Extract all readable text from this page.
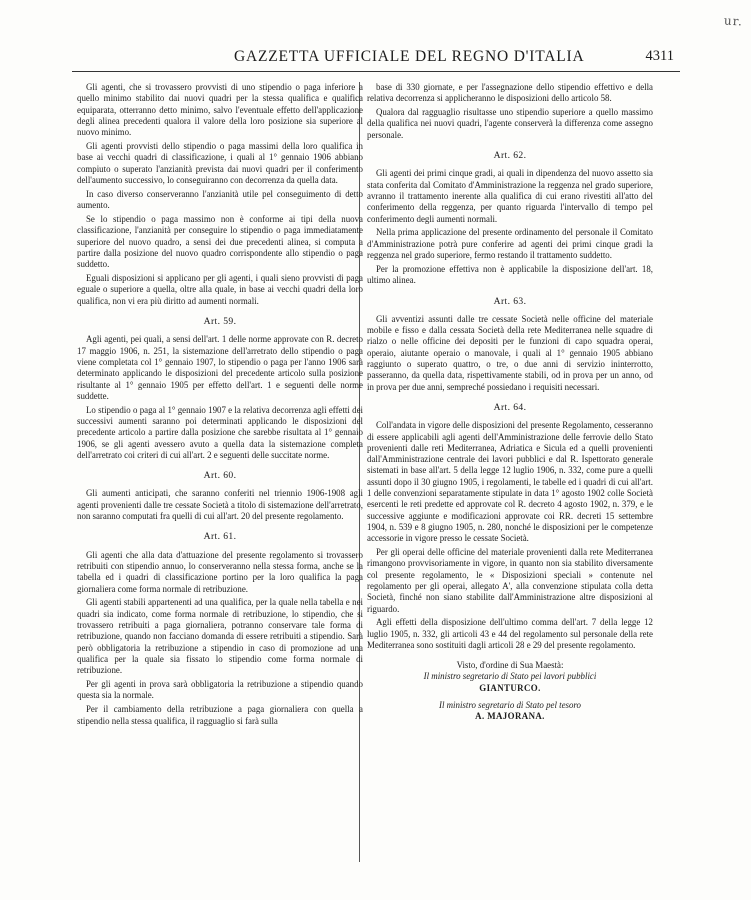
ur.
GAZZETTA UFFICIALE DEL REGNO D'ITALIA	4311

Gli agenti, che si trovassero provvisti di uno stipendio o paga inferiore a quello minimo stabilito dai nuovi quadri per la stessa qualifica e qualifica equiparata, otterranno detto minimo, salvo l'eventuale effetto dell'applicazione degli alinea precedenti qualora il valore della loro posizione sia superiore al nuovo minimo.

Gli agenti provvisti dello stipendio o paga massimi della loro qualifica in base ai vecchi quadri di classificazione, i quali al 1° gennaio 1906 abbiano compiuto o superato l'anzianità prevista dai nuovi quadri per il conferimento dell'aumento successivo, lo conseguiranno con decorrenza da quella data.

In caso diverso conserveranno l'anzianità utile pel conseguimento di detto aumento.

Se lo stipendio o paga massimo non è conforme ai tipi della nuova classificazione, l'anzianità per conseguire lo stipendio o paga immediatamente superiore del nuovo quadro, a sensi dei due precedenti alinea, si computa a partire dalla posizione del nuovo quadro corrispondente allo stipendio o paga suddetto.

Eguali disposizioni si applicano per gli agenti, i quali sieno provvisti di paga eguale o superiore a quella, oltre alla quale, in base ai vecchi quadri della loro qualifica, non vi era più diritto ad aumenti normali.

Art. 59.

Agli agenti, pei quali, a sensi dell'art. 1 delle norme approvate con R. decreto 17 maggio 1906, n. 251, la sistemazione dell'arretrato dello stipendio o paga viene completata col 1° gennaio 1907, lo stipendio o paga per l'anno 1906 sarà determinato applicando le disposizioni del precedente articolo sulla posizione risultante al 1° gennaio 1905 per effetto dell'art. 1 e seguenti delle norme suddette.

Lo stipendio o paga al 1° gennaio 1907 e la relativa decorrenza agli effetti dei successivi aumenti saranno poi determinati applicando le disposizioni del precedente articolo a partire dalla posizione che sarebbe risultata al 1° gennaio 1906, se gli agenti avessero avuto a quella data la sistemazione completa dell'arretrato coi criteri di cui all'art. 2 e seguenti delle succitate norme.

Art. 60.

Gli aumenti anticipati, che saranno conferiti nel triennio 1906-1908 agli agenti provenienti dalle tre cessate Società a titolo di sistemazione dell'arretrato, non saranno computati fra quelli di cui all'art. 20 del presente regolamento.

Art. 61.

Gli agenti che alla data d'attuazione del presente regolamento si trovassero retribuiti con stipendio annuo, lo conserveranno nella stessa forma, anche se la tabella ed i quadri di classificazione portino per la loro qualifica la paga giornaliera come forma normale di retribuzione.

Gli agenti stabili appartenenti ad una qualifica, per la quale nella tabella e nei quadri sia indicato, come forma normale di retribuzione, lo stipendio, che si trovassero retribuiti a paga giornaliera, potranno conservare tale forma di retribuzione, quando non facciano domanda di essere retribuiti a stipendio. Sarà però obbligatoria la retribuzione a stipendio in caso di promozione ad una qualifica per la quale sia fissato lo stipendio come forma normale di retribuzione.

Per gli agenti in prova sarà obbligatoria la retribuzione a stipendio quando questa sia la normale.

Per il cambiamento della retribuzione a paga giornaliera con quella a stipendio nella stessa qualifica, il ragguaglio si farà sulla

base di 330 giornate, e per l'assegnazione dello stipendio effettivo e della relativa decorrenza si applicheranno le disposizioni dello articolo 58.

Qualora dal ragguaglio risultasse uno stipendio superiore a quello massimo della qualifica nei nuovi quadri, l'agente conserverà la differenza come assegno personale.

Art. 62.

Gli agenti dei primi cinque gradi, ai quali in dipendenza del nuovo assetto sia stata conferita dal Comitato d'Amministrazione la reggenza nel grado superiore, avranno il trattamento inerente alla qualifica di cui erano rivestiti all'atto del conferimento della reggenza, per quanto riguarda l'intervallo di tempo pel conferimento degli aumenti normali.

Nella prima applicazione del presente ordinamento del personale il Comitato d'Amministrazione potrà pure conferire ad agenti dei primi cinque gradi la reggenza nel grado superiore, fermo restando il trattamento suddetto.

Per la promozione effettiva non è applicabile la disposizione dell'art. 18, ultimo alinea.

Art. 63.

Gli avventizi assunti dalle tre cessate Società nelle officine del materiale mobile e fisso e dalla cessata Società della rete Mediterranea nelle squadre di rialzo o nelle officine dei depositi per le funzioni di capo squadra operai, operaio, aiutante operaio o manovale, i quali al 1° gennaio 1905 abbiano raggiunto o superato quattro, o tre, o due anni di servizio ininterrotto, passeranno, da quella data, rispettivamente stabili, od in prova per un anno, od in prova per due anni, sempreché possiedano i requisiti necessari.

Art. 64.

Coll'andata in vigore delle disposizioni del presente Regolamento, cesseranno di essere applicabili agli agenti dell'Amministrazione delle ferrovie dello Stato provenienti dalle reti Mediterranea, Adriatica e Sicula ed a quelli provenienti dall'Amministrazione centrale dei lavori pubblici e dal R. Ispettorato generale sistemati in base all'art. 5 della legge 12 luglio 1906, n. 332, come pure a quelli assunti dopo il 30 giugno 1905, i regolamenti, le tabelle ed i quadri di cui all'art. 1 delle convenzioni separatamente stipulate in data 1° agosto 1902 colle Società esercenti le reti predette ed approvate col R. decreto 4 agosto 1902, n. 379, e le successive aggiunte e modificazioni approvate coi RR. decreti 15 settembre 1904, n. 539 e 8 giugno 1905, n. 280, nonché le disposizioni per le competenze accessorie in vigore presso le cessate Società.

Per gli operai delle officine del materiale provenienti dalla rete Mediterranea rimangono provvisoriamente in vigore, in quanto non sia stabilito diversamente col presente regolamento, le « Disposizioni speciali » contenute nel regolamento per gli operai, allegato A', alla convenzione stipulata colla detta Società, finché non siano stabilite dall'Amministrazione altre disposizioni al riguardo.

Agli effetti della disposizione dell'ultimo comma dell'art. 7 della legge 12 luglio 1905, n. 332, gli articoli 43 e 44 del regolamento sul personale della rete Mediterranea sono sostituiti dagli articoli 28 e 29 del presente regolamento.

Visto, d'ordine di Sua Maestà:

Il ministro segretario di Stato pei lavori pubblici

GIANTURCO.

Il ministro segretario di Stato pel tesoro

A. MAJORANA.
